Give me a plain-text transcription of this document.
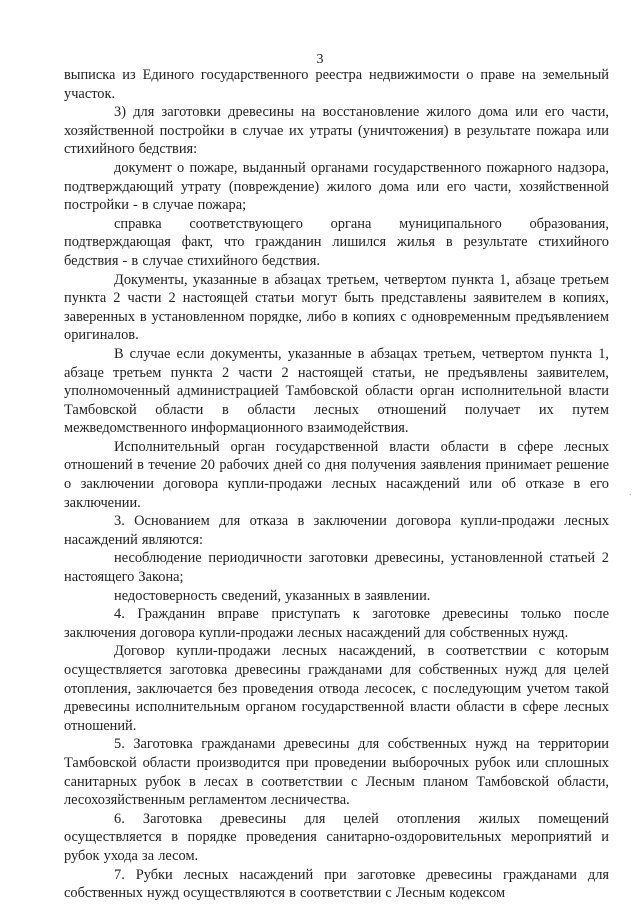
3

выписка из Единого государственного реестра недвижимости о праве на земельный участок.

3) для заготовки древесины на восстановление жилого дома или его части, хозяйственной постройки в случае их утраты (уничтожения) в результате пожара или стихийного бедствия:

документ о пожаре, выданный органами государственного пожарного надзора, подтверждающий утрату (повреждение) жилого дома или его части, хозяйственной постройки - в случае пожара;

справка соответствующего органа муниципального образования, подтверждающая факт, что гражданин лишился жилья в результате стихийного бедствия - в случае стихийного бедствия.

Документы, указанные в абзацах третьем, четвертом пункта 1, абзаце третьем пункта 2 части 2 настоящей статьи могут быть представлены заявителем в копиях, заверенных в установленном порядке, либо в копиях с одновременным предъявлением оригиналов.

В случае если документы, указанные в абзацах третьем, четвертом пункта 1, абзаце третьем пункта 2 части 2 настоящей статьи, не предъявлены заявителем, уполномоченный администрацией Тамбовской области орган исполнительной власти Тамбовской области в области лесных отношений получает их путем межведомственного информационного взаимодействия.

Исполнительный орган государственной власти области в сфере лесных отношений в течение 20 рабочих дней со дня получения заявления принимает решение о заключении договора купли-продажи лесных насаждений или об отказе в его заключении.

3. Основанием для отказа в заключении договора купли-продажи лесных насаждений являются:

несоблюдение периодичности заготовки древесины, установленной статьей 2 настоящего Закона;

недостоверность сведений, указанных в заявлении.

4. Гражданин вправе приступать к заготовке древесины только после заключения договора купли-продажи лесных насаждений для собственных нужд.

Договор купли-продажи лесных насаждений, в соответствии с которым осуществляется заготовка древесины гражданами для собственных нужд для целей отопления, заключается без проведения отвода лесосек, с последующим учетом такой древесины исполнительным органом государственной власти области в сфере лесных отношений.

5. Заготовка гражданами древесины для собственных нужд на территории Тамбовской области производится при проведении выборочных рубок или сплошных санитарных рубок в лесах в соответствии с Лесным планом Тамбовской области, лесохозяйственным регламентом лесничества.

6. Заготовка древесины для целей отопления жилых помещений осуществляется в порядке проведения санитарно-оздоровительных мероприятий и рубок ухода за лесом.

7. Рубки лесных насаждений при заготовке древесины гражданами для собственных нужд осуществляются в соответствии с Лесным кодексом

·
